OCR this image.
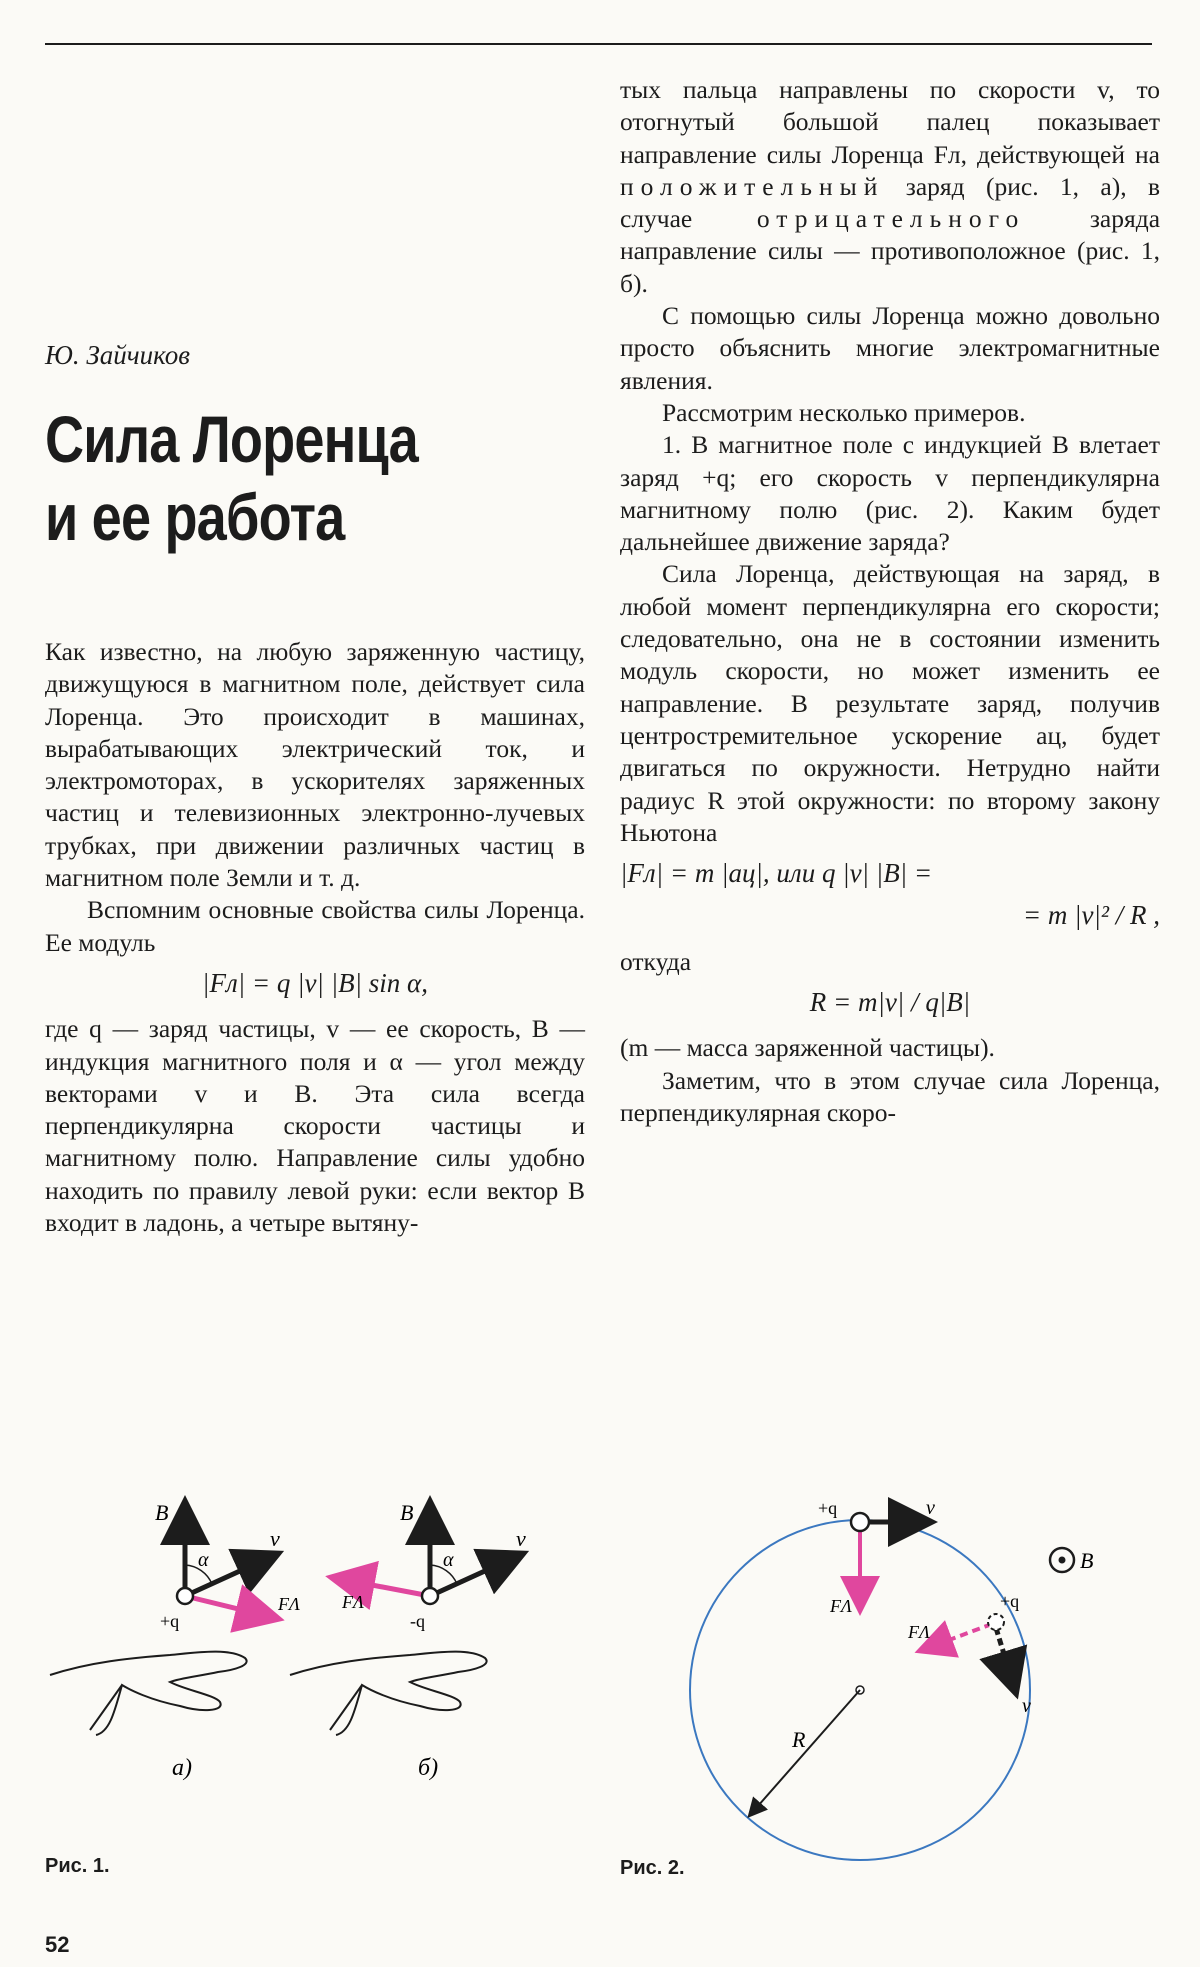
Ю. Зайчиков
Сила Лоренца
и ее работа

Как известно, на любую заряженную частицу, движущуюся в магнитном поле, действует сила Лоренца. Это происходит в машинах, вырабатывающих электрический ток, и электромоторах, в ускорителях заряженных частиц и телевизионных электронно-лучевых трубках, при движении различных частиц в магнитном поле Земли и т. д.

Вспомним основные свойства силы Лоренца. Ее модуль

|Fл| = q |v| |B| sin α,

где q — заряд частицы, v — ее скорость, B — индукция магнитного поля и α — угол между векторами v и B. Эта сила всегда перпендикулярна скорости частицы и магнитному полю. Направление силы удобно находить по правилу левой руки: если вектор B входит в ладонь, а четыре вытяну-

тых пальца направлены по скорости v, то отогнутый большой палец показывает направление силы Лоренца Fл, действующей на положительный заряд (рис. 1, а), в случае	отрицательного	заряда направление силы — противоположное (рис. 1, б).

С помощью силы Лоренца можно довольно просто объяснить многие электромагнитные явления.

Рассмотрим несколько примеров.

1. В магнитное поле с индукцией B влетает заряд +q; его скорость v перпендикулярна магнитному полю (рис. 2). Каким будет дальнейшее движение заряда?

Сила Лоренца, действующая на заряд, в любой момент перпендикулярна его скорости; следовательно, она не в состоянии изменить модуль скорости, но может изменить ее направление. В результате заряд, получив центростремительное ускорение aц, будет двигаться по окружности. Нетрудно найти радиус R этой окружности: по второму закону Ньютона

|Fл| = m |aц|, или q |v| |B| =
= m |v|² / R ,

откуда

R = m|v| / q|B|

(m — масса заряженной частицы).

Заметим, что в этом случае сила Лоренца, перпендикулярная скоро-

B
v
FΛ
α
+q
а)
B
v
FΛ
α
-q
б)
Рис. 1.
R
+q	v
FΛ	+q
v
FΛ
B
Рис. 2.
52
